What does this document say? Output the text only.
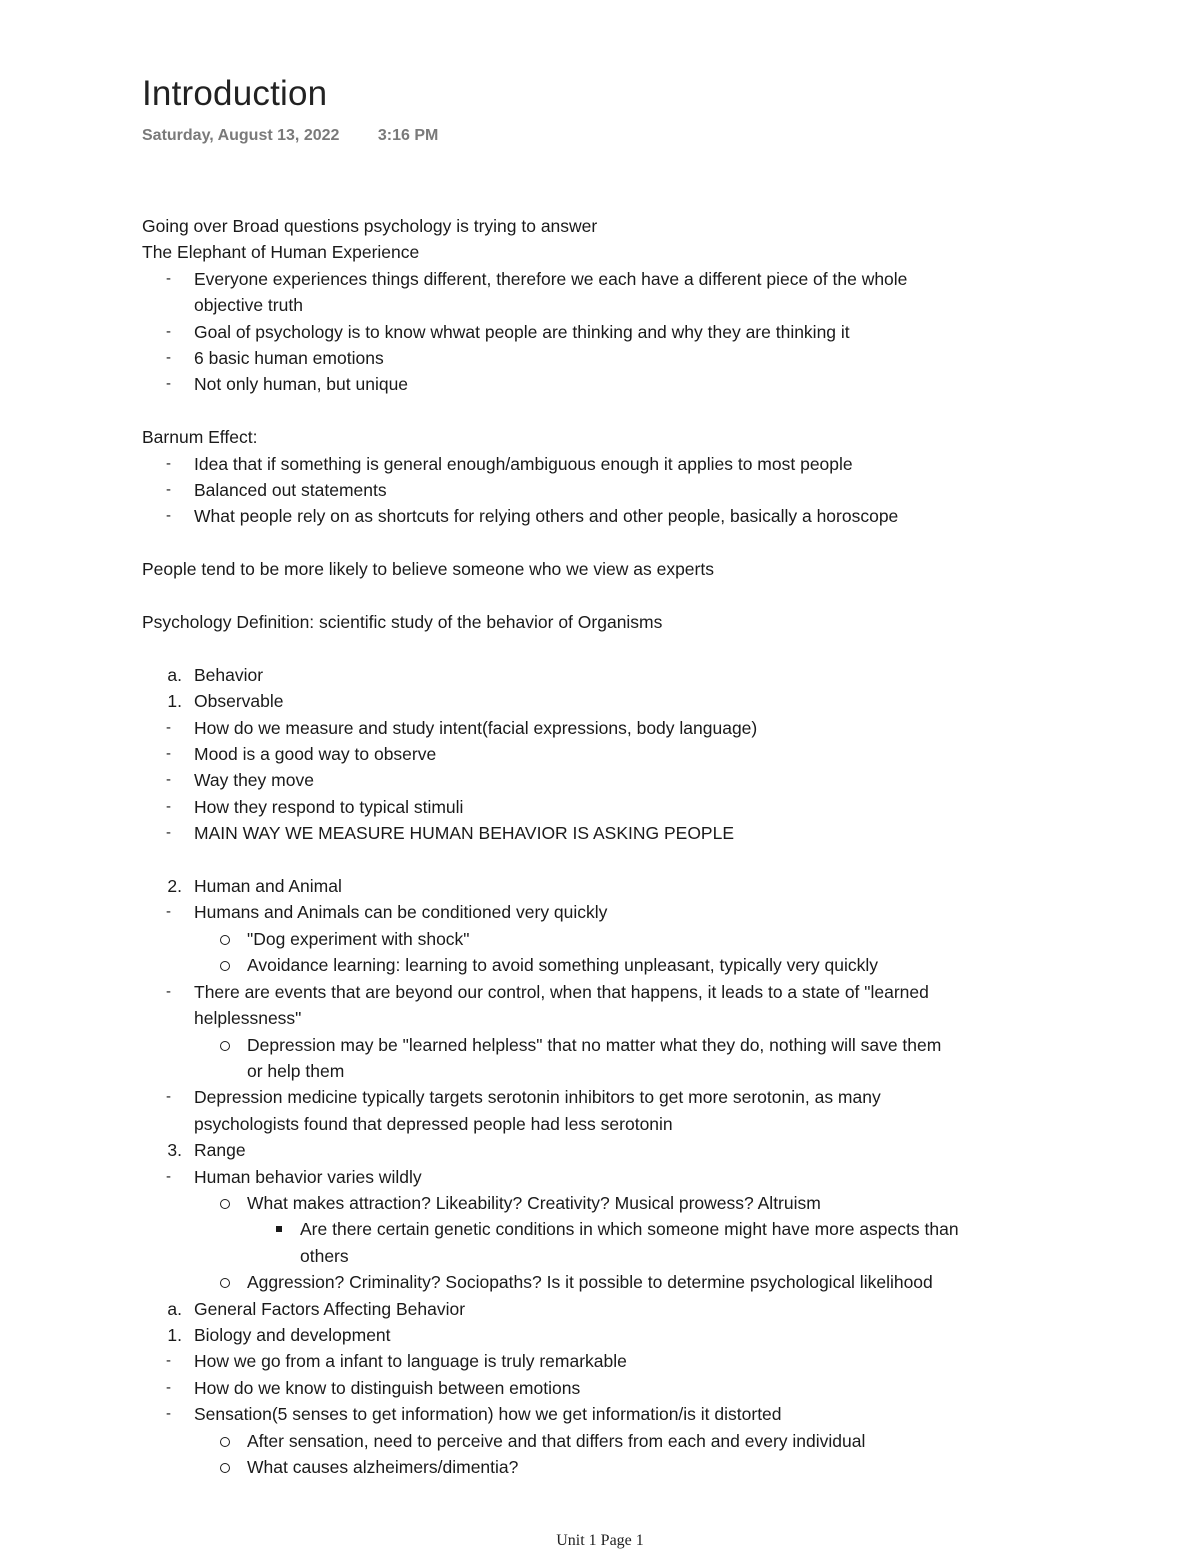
Introduction
Saturday, August 13, 2022 3:16 PM
Going over Broad questions psychology is trying to answer
The Elephant of Human Experience
-	Everyone experiences things different, therefore we each have a different piece of the whole
objective truth
-	Goal of psychology is to know whwat people are thinking and why they are thinking it
-	6 basic human emotions
-	Not only human, but unique
Barnum Effect:
-	Idea that if something is general enough/ambiguous enough it applies to most people
-	Balanced out statements
-	What people rely on as shortcuts for relying others and other people, basically a horoscope
People tend to be more likely to believe someone who we view as experts
Psychology Definition: scientific study of the behavior of Organisms
a. Behavior
1. Observable
-	How do we measure and study intent(facial expressions, body language)
-	Mood is a good way to observe
-	Way they move
-	How they respond to typical stimuli
-	MAIN WAY WE MEASURE HUMAN BEHAVIOR IS ASKING PEOPLE
2. Human and Animal
-	Humans and Animals can be conditioned very quickly
"Dog experiment with shock"
Avoidance learning: learning to avoid something unpleasant, typically very quickly
-	There are events that are beyond our control, when that happens, it leads to a state of "learned
helplessness"
Depression may be "learned helpless" that no matter what they do, nothing will save them
or help them
-	Depression medicine typically targets serotonin inhibitors to get more serotonin, as many
psychologists found that depressed people had less serotonin
3. Range
-	Human behavior varies wildly
What makes attraction? Likeability? Creativity? Musical prowess? Altruism
Are there certain genetic conditions in which someone might have more aspects than
others
Aggression? Criminality? Sociopaths? Is it possible to determine psychological likelihood
a. General Factors Affecting Behavior
1. Biology and development
-	How we go from a infant to language is truly remarkable
-	How do we know to distinguish between emotions
-	Sensation(5 senses to get information) how we get information/is it distorted
After sensation, need to perceive and that differs from each and every individual
What causes alzheimers/dimentia?
Unit 1 Page 1
